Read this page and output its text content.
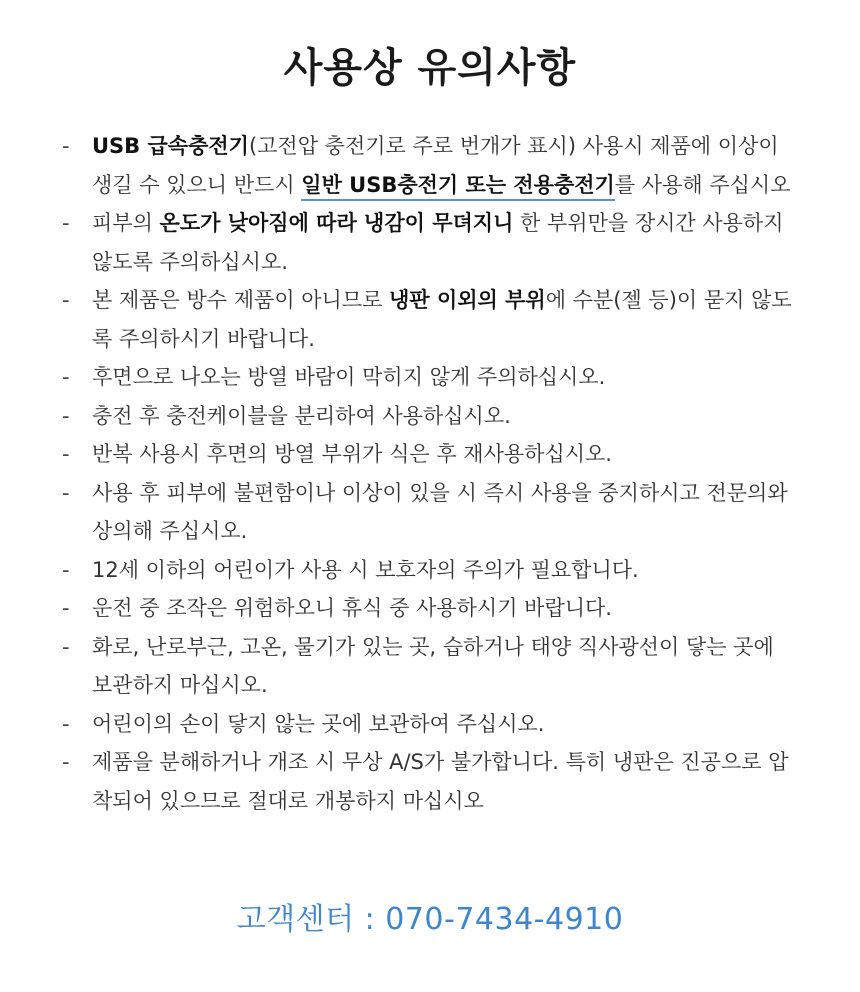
사용상 유의사항
- USB 급속충전기(고전압 충전기로 주로 번개가 표시) 사용시 제품에 이상이 생길 수 있으니 반드시 일반 USB충전기 또는 전용충전기를 사용해 주십시오
- 피부의 온도가 낮아짐에 따라 냉감이 무뎌지니 한 부위만을 장시간 사용하지 않도록 주의하십시오.
- 본 제품은 방수 제품이 아니므로 냉판 이외의 부위에 수분(젤 등)이 묻지 않도록 주의하시기 바랍니다.
- 후면으로 나오는 방열 바람이 막히지 않게 주의하십시오.
- 충전 후 충전케이블을 분리하여 사용하십시오.
- 반복 사용시 후면의 방열 부위가 식은 후 재사용하십시오.
- 사용 후 피부에 불편함이나 이상이 있을 시 즉시 사용을 중지하시고 전문의와 상의해 주십시오.
- 12세 이하의 어린이가 사용 시 보호자의 주의가 필요합니다.
- 운전 중 조작은 위험하오니 휴식 중 사용하시기 바랍니다.
- 화로, 난로부근, 고온, 물기가 있는 곳, 습하거나 태양 직사광선이 닿는 곳에 보관하지 마십시오.
- 어린이의 손이 닿지 않는 곳에 보관하여 주십시오.
- 제품을 분해하거나 개조 시 무상 A/S가 불가합니다. 특히 냉판은 진공으로 압착되어 있으므로 절대로 개봉하지 마십시오
고객센터 : 070-7434-4910
